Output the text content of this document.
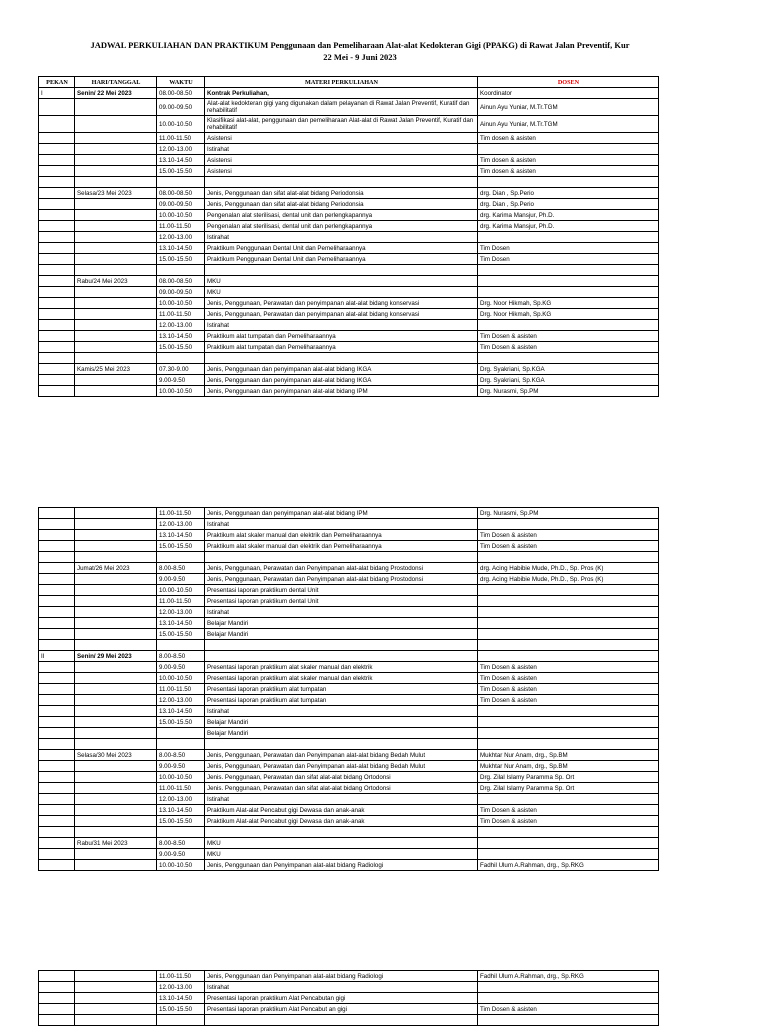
JADWAL PERKULIAHAN DAN PRAKTIKUM Penggunaan dan Pemeliharaan Alat-alat Kedokteran Gigi (PPAKG) di Rawat Jalan Preventif, Kur
22 Mei - 9 Juni 2023
PEKAN	HARI/TANGGAL	WAKTU	MATERI PERKULIAHAN	DOSEN
I	Senin/ 22 Mei 2023	08.00-08.50	Kontrak Perkuliahan,	Koordinator
		09.00-09.50	Alat-alat kedokteran gigi yang digunakan dalam pelayanan di Rawat Jalan Preventif, Kuratif dan rehabilitatif	Ainun Ayu Yuniar, M.Tr.TGM
		10.00-10.50	Klasifikasi alat-alat, penggunaan dan pemeliharaan Alat-alat di Rawat Jalan Preventif, Kuratif dan rehabilitatif	Ainun Ayu Yuniar, M.Tr.TGM
		11.00-11.50	Asistensi	Tim dosen & asisten
		12.00-13.00	Istirahat	
		13.10-14.50	Asistensi	Tim dosen & asisten
		15.00-15.50	Asistensi	Tim dosen & asisten

	Selasa/23 Mei 2023	08.00-08.50	Jenis, Penggunaan dan sifat alat-alat bidang Periodonsia	drg. Dian , Sp.Perio
		09.00-09.50	Jenis, Penggunaan dan sifat alat-alat bidang Periodonsia	drg. Dian , Sp.Perio
		10.00-10.50	Pengenalan alat sterilisasi, dental unit dan perlengkapannya	drg. Karima Mansjur, Ph.D.
		11.00-11.50	Pengenalan alat sterilisasi, dental unit dan perlengkapannya	drg. Karima Mansjur, Ph.D.
		12.00-13.00	Istirahat	
		13.10-14.50	Praktikum Penggunaan Dental Unit dan Pemeliharaannya	Tim Dosen
		15.00-15.50	Praktikum Penggunaan Dental Unit dan Pemeliharaannya	Tim Dosen

	Rabu/24 Mei 2023	08.00-08.50	MKU	
		09.00-09.50	MKU	
		10.00-10.50	Jenis, Penggunaan, Perawatan dan penyimpanan alat-alat bidang konservasi	Drg. Noor Hikmah, Sp.KG
		11.00-11.50	Jenis, Penggunaan, Perawatan dan penyimpanan alat-alat bidang konservasi	Drg. Noor Hikmah, Sp.KG
		12.00-13.00	Istirahat	
		13.10-14.50	Praktikum alat tumpatan dan Pemeliharaannya	Tim Dosen & asisten
		15.00-15.50	Praktikum alat tumpatan dan Pemeliharaannya	Tim Dosen & asisten

	Kamis/25 Mei 2023	07.30-9.00	Jenis, Penggunaan dan penyimpanan alat-alat bidang IKGA	Drg. Syakriani, Sp.KGA
		9.00-9.50	Jenis, Penggunaan dan penyimpanan alat-alat bidang IKGA	Drg. Syakriani, Sp.KGA
		10.00-10.50	Jenis, Penggunaan dan penyimpanan alat-alat bidang IPM	Drg. Nurasmi, Sp.PM
		11.00-11.50	Jenis, Penggunaan dan penyimpanan alat-alat bidang IPM	Drg. Nurasmi, Sp.PM
		12.00-13.00	Istirahat	
		13.10-14.50	Praktikum alat skaler manual dan elektrik dan Pemeliharaannya	Tim Dosen & asisten
		15.00-15.50	Praktikum alat skaler manual dan elektrik dan Pemeliharaannya	Tim Dosen & asisten

	Jumat/26 Mei 2023	8.00-8.50	Jenis, Penggunaan, Perawatan dan Penyimpanan alat-alat bidang Prostodonsi	drg. Acing Habibie Mude, Ph.D., Sp. Pros (K)
		9.00-9.50	Jenis, Penggunaan, Perawatan dan Penyimpanan alat-alat bidang Prostodonsi	drg. Acing Habibie Mude, Ph.D., Sp. Pros (K)
		10.00-10.50	Presentasi laporan praktikum dental Unit	
		11.00-11.50	Presentasi laporan praktikum dental Unit	
		12.00-13.00	Istirahat	
		13.10-14.50	Belajar Mandiri	
		15.00-15.50	Belajar Mandiri	

II	Senin/ 29 Mei 2023	8.00-8.50		
		9.00-9.50	Presentasi laporan praktikum alat skaler manual dan elektrik	Tim Dosen & asisten
		10.00-10.50	Presentasi laporan praktikum alat skaler manual dan elektrik	Tim Dosen & asisten
		11.00-11.50	Presentasi laporan praktikum alat tumpatan	Tim Dosen & asisten
		12.00-13.00	Presentasi laporan praktikum alat tumpatan	Tim Dosen & asisten
		13.10-14.50	Istirahat	
		15.00-15.50	Belajar Mandiri	
			Belajar Mandiri	

	Selasa/30 Mei 2023	8.00-8.50	Jenis, Penggunaan, Perawatan dan Penyimpanan alat-alat bidang Bedah Mulut	Mukhtar Nur Anam, drg., Sp.BM
		9.00-9.50	Jenis, Penggunaan, Perawatan dan Penyimpanan alat-alat bidang Bedah Mulut	Mukhtar Nur Anam, drg., Sp.BM
		10.00-10.50	Jenis. Penggunaan, Perawatan dan sifat alat-alat bidang Ortodonsi	Drg. Zilal Islamy Paramma Sp. Ort
		11.00-11.50	Jenis. Penggunaan, Perawatan dan sifat alat-alat bidang Ortodonsi	Drg. Zilal Islamy Paramma Sp. Ort
		12.00-13.00	Istirahat	
		13.10-14.50	Praktikum Alat-alat Pencabut gigi Dewasa dan anak-anak	Tim Dosen & asisten
		15.00-15.50	Praktikum Alat-alat Pencabut gigi Dewasa dan anak-anak	Tim Dosen & asisten

	Rabu/31 Mei 2023	8.00-8.50	MKU	
		9.00-9.50	MKU	
		10.00-10.50	Jenis, Penggunaan dan Penyimpanan alat-alat bidang Radiologi	Fadhil Ulum A.Rahman, drg., Sp.RKG
		11.00-11.50	Jenis, Penggunaan dan Penyimpanan alat-alat bidang Radiologi	Fadhil Ulum A.Rahman, drg., Sp.RKG
		12.00-13.00	Istirahat	
		13.10-14.50	Presentasi laporan praktikum Alat Pencabutan gigi	
		15.00-15.50	Presentasi laporan praktikum Alat Pencabut an gigi	Tim Dosen & asisten
